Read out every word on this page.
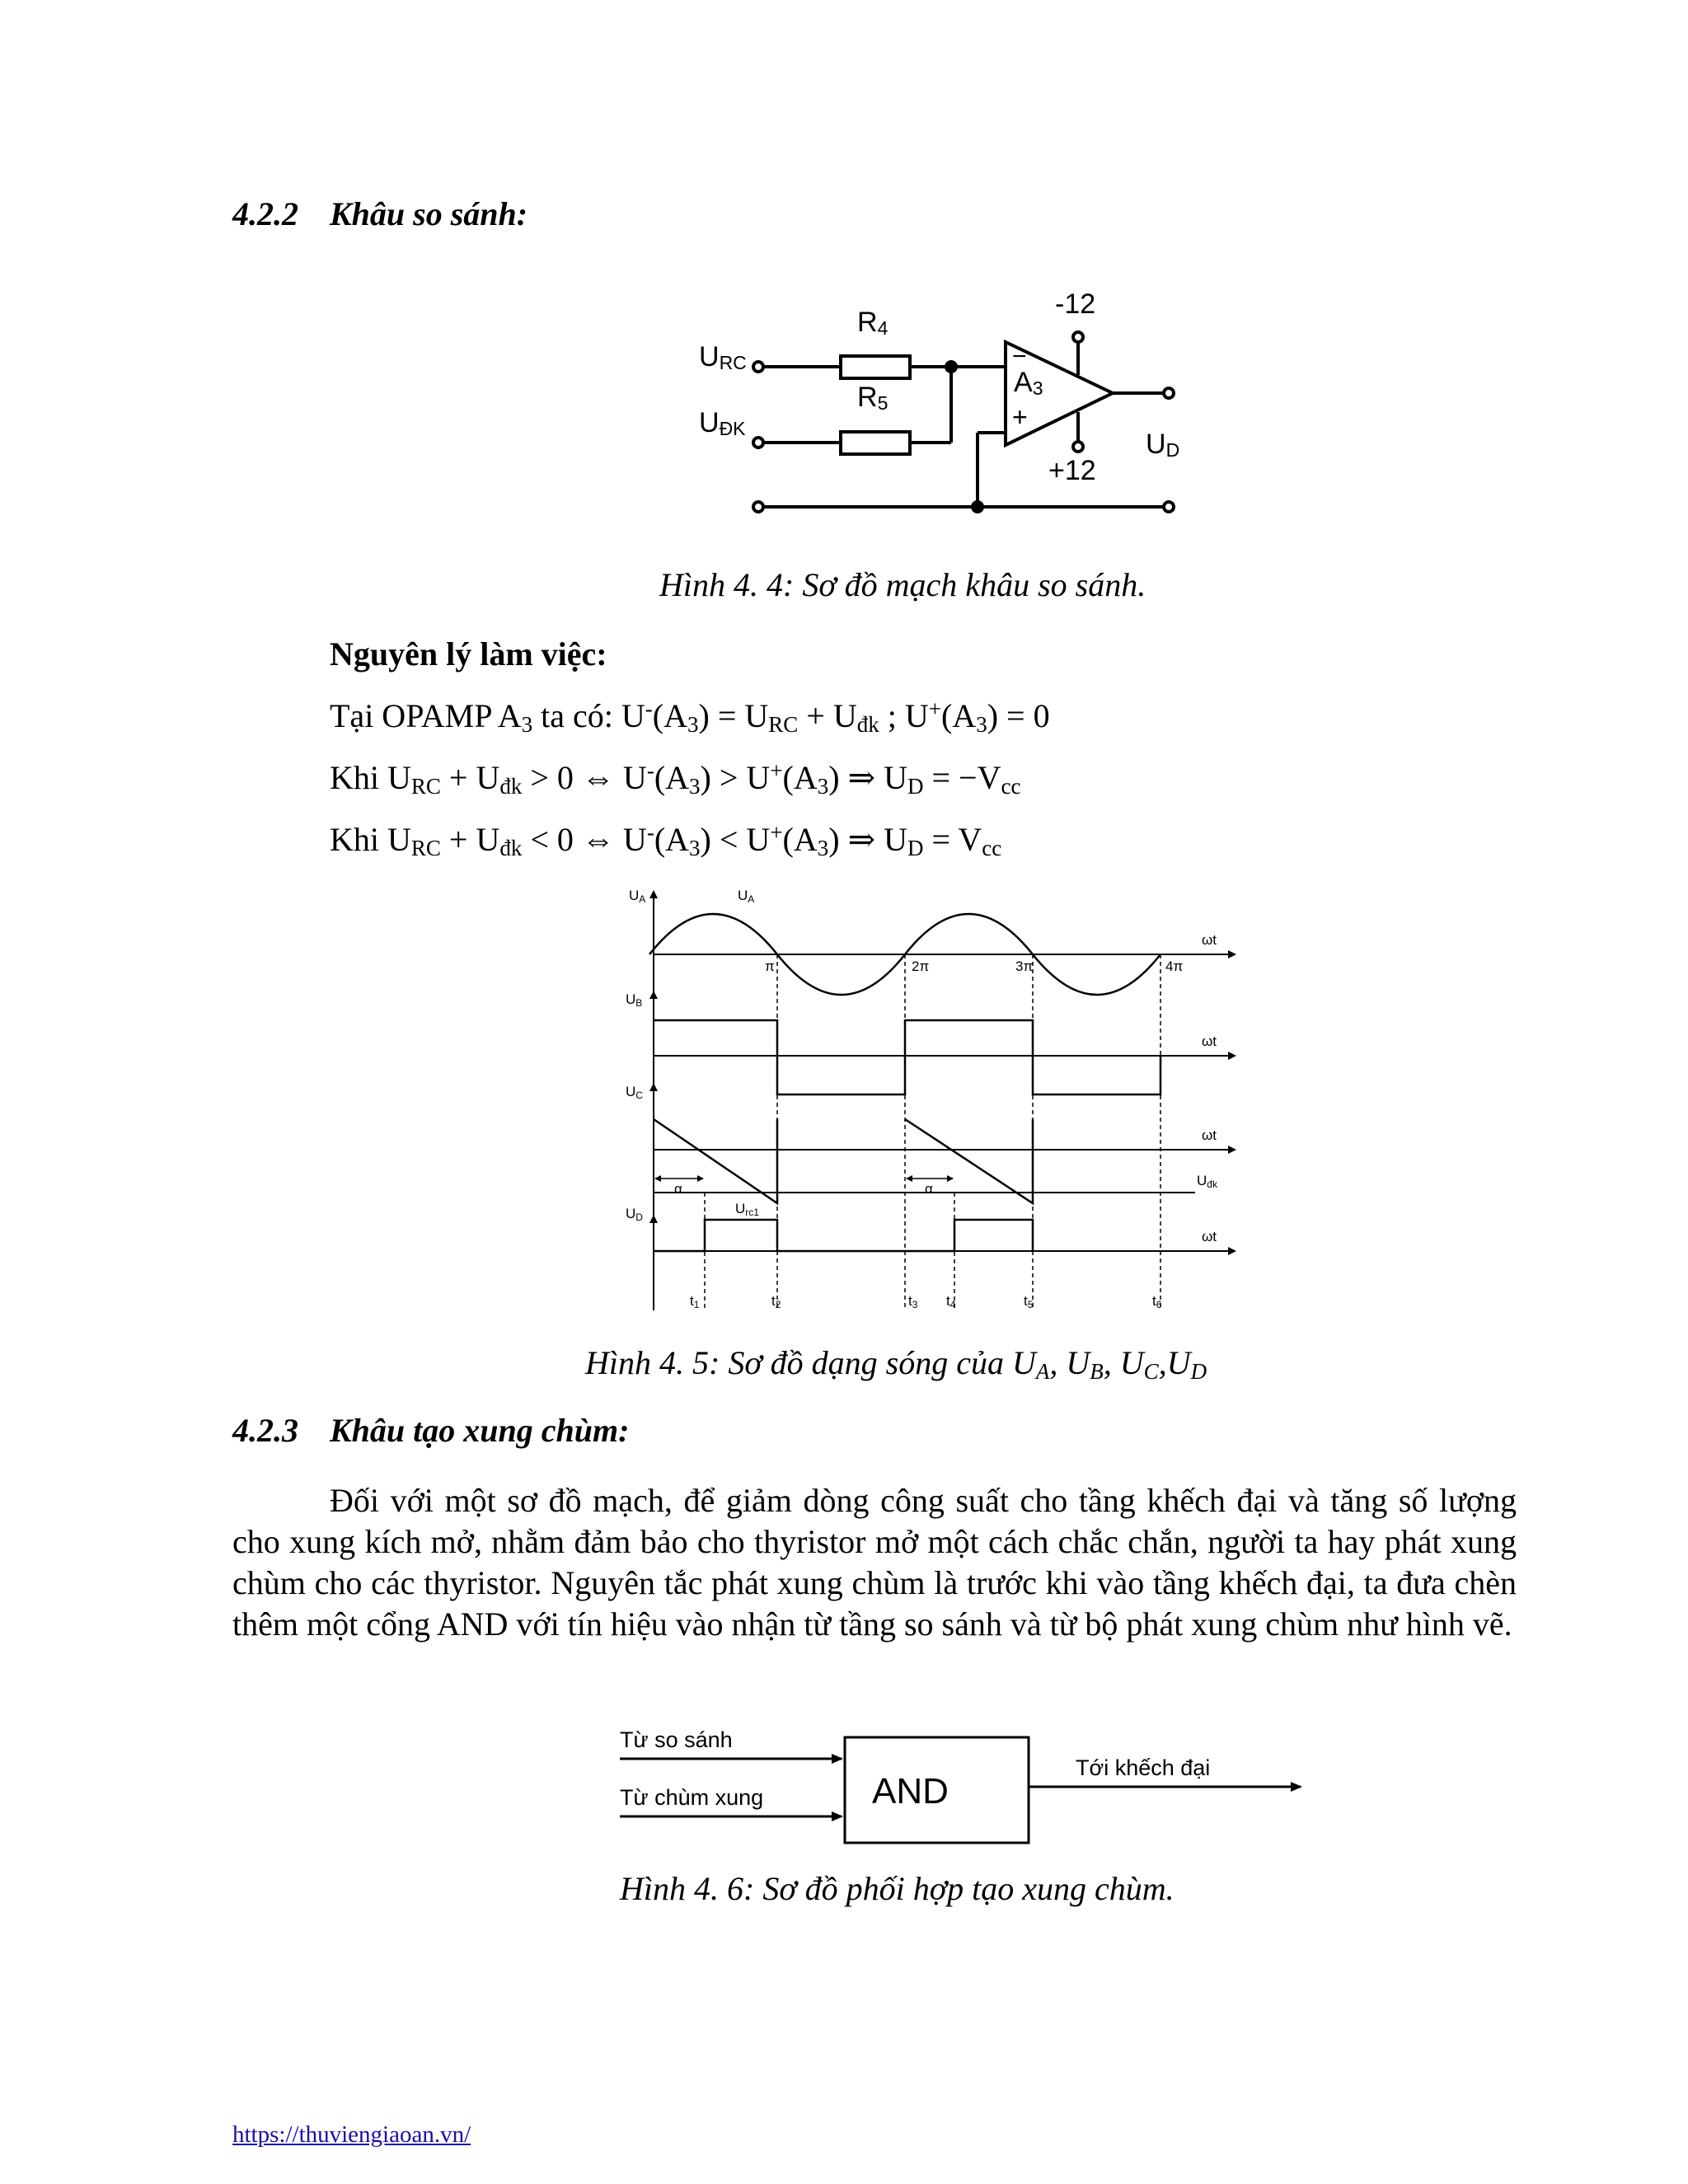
4.2.2 Khâu so sánh:
URC
UĐK
R4
R5
A3
−
+
-12
+12
UD
Hình 4. 4: Sơ đồ mạch khâu so sánh.
Nguyên lý làm việc:
Tại OPAMP $A_3$ ta có: $U^-(A_3) = U_{RC} + U_{đk}$ ; $U^+(A_3) = 0$
Khi $U_{RC} + U_{đk} > 0$ ⇔ $U^-(A_3) > U^+(A_3)$ ⇒ $U_D = -V_{cc}$
Khi $U_{RC} + U_{đk} < 0$ ⇔ $U^-(A_3) < U^+(A_3)$ ⇒ $U_D = V_{cc}$
UA	UA
UB
UC
UD
ωt
ωt
ωt
ωt
π	2π	3π	4π
Uđk
α	α
Urc1
t1	t2	t3 t4	t5	t6
Hình 4. 5: Sơ đồ dạng sóng của $U_A$, $U_B$, $U_C,U_D$
4.2.3 Khâu tạo xung chùm:
Đối với một sơ đồ mạch, để giảm dòng công suất cho tầng khếch đại và tăng số lượng cho xung kích mở, nhằm đảm bảo cho thyristor mở một cách chắc chắn, người ta hay phát xung chùm cho các thyristor. Nguyên tắc phát xung chùm là trước khi vào tầng khếch đại, ta đưa chèn thêm một cổng AND với tín hiệu vào nhận từ tầng so sánh và từ bộ phát xung chùm như hình vẽ.
Từ so sánh
Từ chùm xung	AND
Tới khếch đại
Hình 4. 6: Sơ đồ phối hợp tạo xung chùm.
https://thuviengiaoan.vn/
